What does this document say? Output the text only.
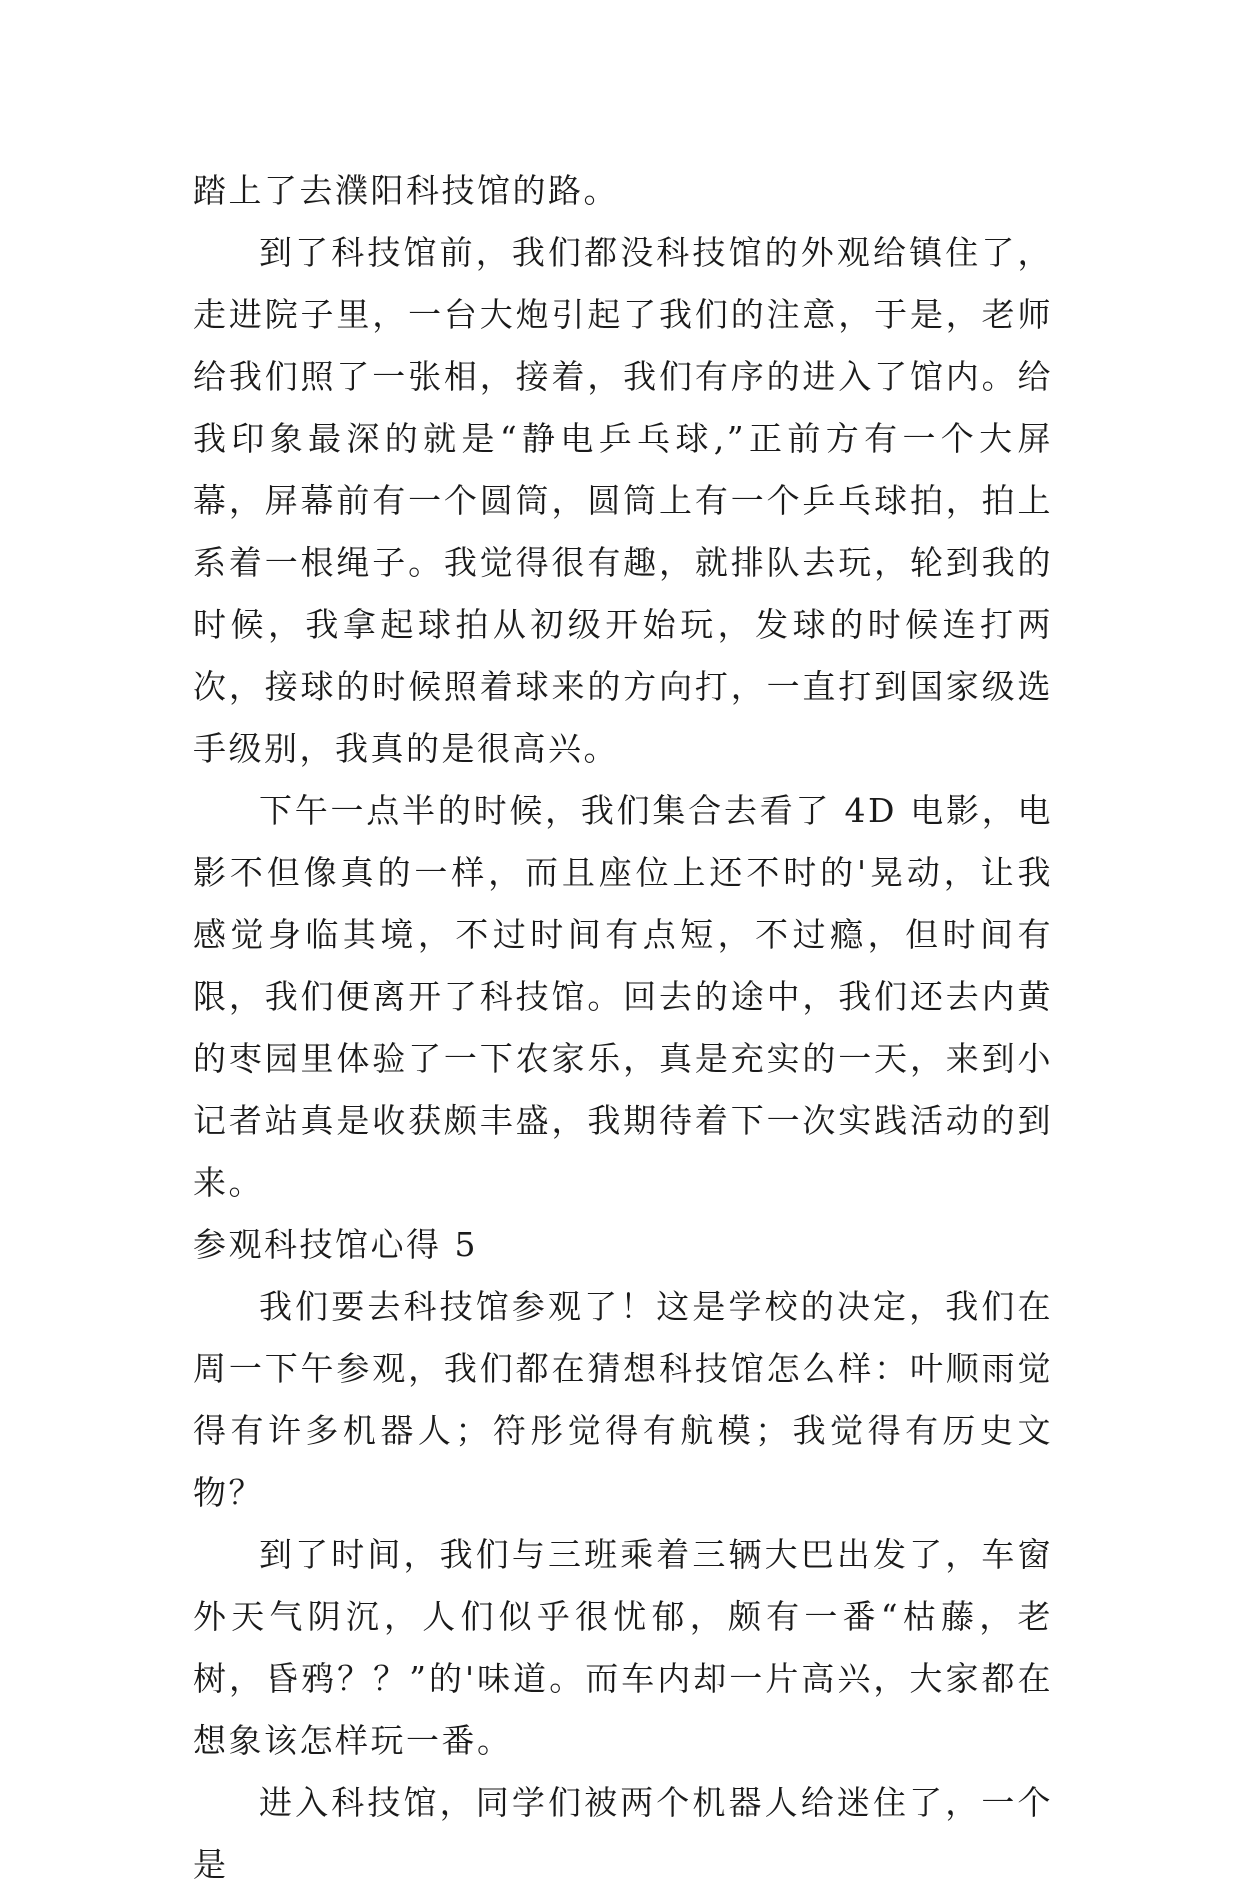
踏上了去濮阳科技馆的路。

到了科技馆前，我们都没科技馆的外观给镇住了，走进院子里，一台大炮引起了我们的注意，于是，老师给我们照了一张相，接着，我们有序的进入了馆内。给我印象最深的就是“静电乒乓球,”正前方有一个大屏幕，屏幕前有一个圆筒，圆筒上有一个乒乓球拍，拍上系着一根绳子。我觉得很有趣，就排队去玩，轮到我的时候，我拿起球拍从初级开始玩，发球的时候连打两次，接球的时候照着球来的方向打，一直打到国家级选手级别，我真的是很高兴。

下午一点半的时候，我们集合去看了 4D 电影，电影不但像真的一样，而且座位上还不时的'晃动，让我感觉身临其境，不过时间有点短，不过瘾，但时间有限，我们便离开了科技馆。回去的途中，我们还去内黄的枣园里体验了一下农家乐，真是充实的一天，来到小记者站真是收获颇丰盛，我期待着下一次实践活动的到来。

参观科技馆心得 5

我们要去科技馆参观了！这是学校的决定，我们在周一下午参观，我们都在猜想科技馆怎么样：叶顺雨觉得有许多机器人；符彤觉得有航模；我觉得有历史文物？

到了时间，我们与三班乘着三辆大巴出发了，车窗外天气阴沉，人们似乎很忧郁，颇有一番“枯藤，老树，昏鸦？？”的'味道。而车内却一片高兴，大家都在想象该怎样玩一番。

进入科技馆，同学们被两个机器人给迷住了，一个是
